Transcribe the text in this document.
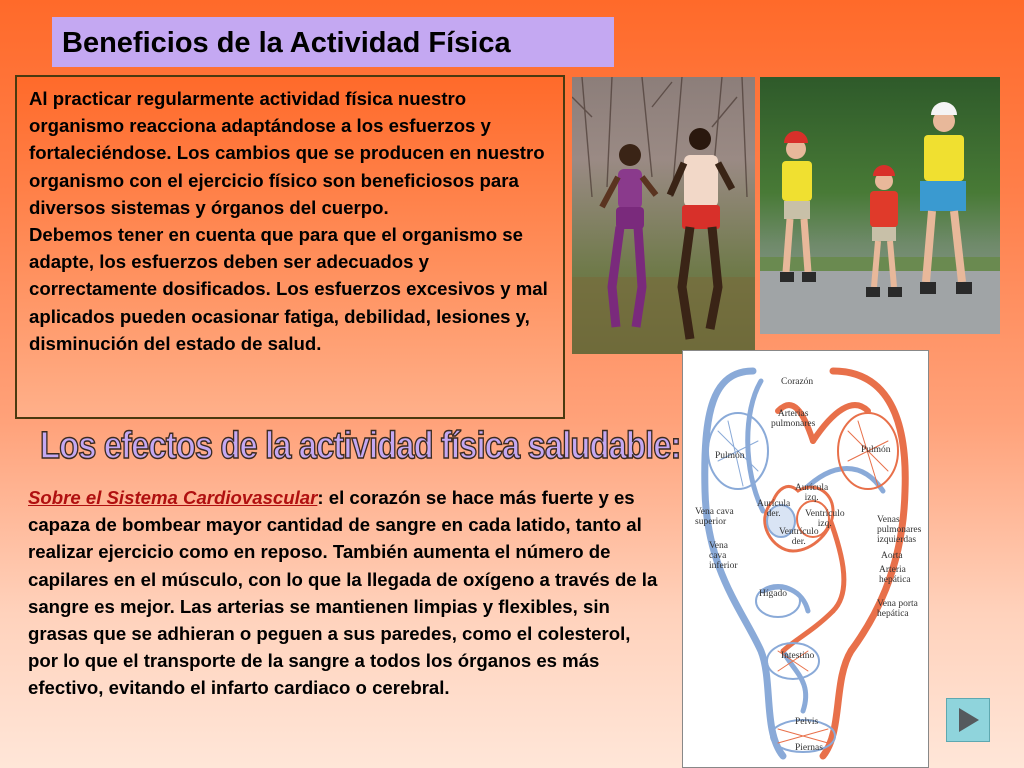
Beneficios de la Actividad Física

Al practicar regularmente actividad física nuestro organismo reacciona adaptándose a los esfuerzos y fortaleciéndose. Los cambios que se producen en nuestro organismo con el ejercicio físico son beneficiosos para diversos sistemas y órganos del cuerpo.

Debemos tener en cuenta que para que el organismo se adapte, los esfuerzos deben ser adecuados y correctamente dosificados. Los esfuerzos excesivos y mal aplicados pueden ocasionar fatiga, debilidad, lesiones y, disminución del estado de salud.

Los efectos de la actividad física saludable:
Sobre el Sistema Cardiovascular: el corazón se hace más fuerte y es capaza de bombear mayor cantidad de sangre en cada latido, tanto al realizar ejercicio como en reposo. También aumenta el número de capilares en el músculo, con lo que la llegada de oxígeno a través de la sangre es mejor. Las arterias se mantienen limpias y flexibles, sin grasas que se adhieran o peguen a sus paredes, como el colesterol, por lo que el transporte de la sangre a todos los órganos es más efectivo, evitando el infarto cardiaco o cerebral.
Corazón
Arterias
pulmonares
Pulmón
Pulmón
Aurícula
izq.
Aurícula
der.	Ventrículo
izq.
Ventrículo
der.
Vena cava
superior
Vena
cava
inferior
Venas
pulmonares
izquierdas
Aorta
Arteria
hepática
Hígado
Vena porta
hepática
Intestino
Pelvis
Piernas
